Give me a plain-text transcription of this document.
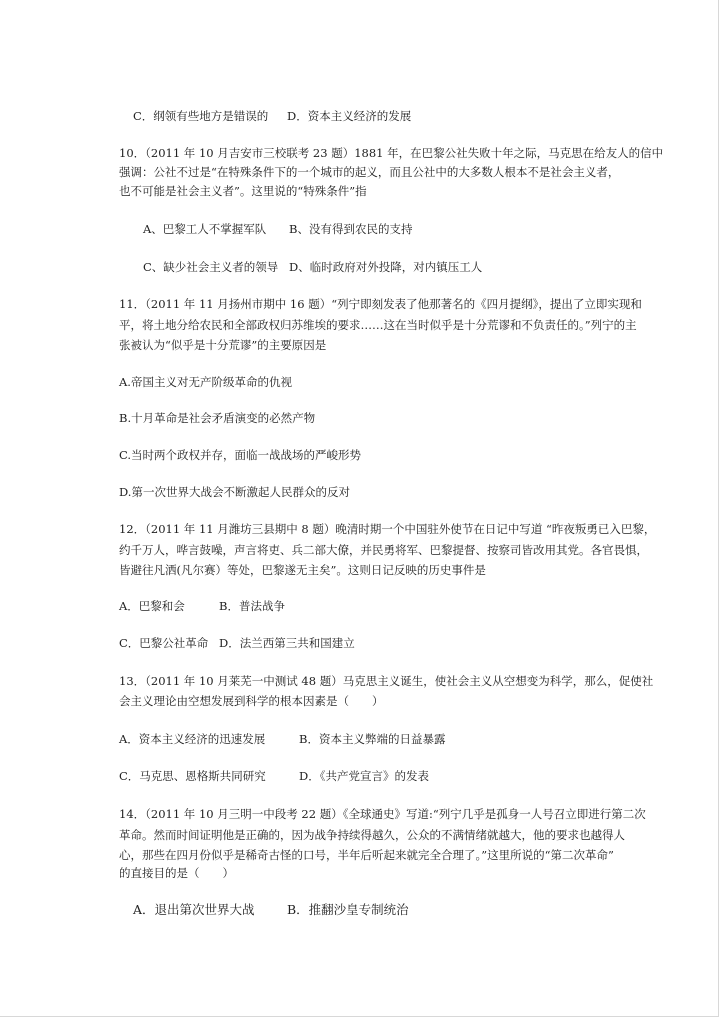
C．纲领有些地方是错误的 D．资本主义经济的发展
10．（2011 年 10 月吉安市三校联考 23 题）1881 年，在巴黎公社失败十年之际，马克思在给友人的信中
强调：公社不过是“在特殊条件下的一个城市的起义，而且公社中的大多数人根本不是社会主义者，
也不可能是社会主义者”。这里说的“特殊条件”指
A、巴黎工人不掌握军队 B、没有得到农民的支持
C、缺少社会主义者的领导 D、临时政府对外投降，对内镇压工人
11．（2011 年 11 月扬州市期中 16 题）“列宁即刻发表了他那著名的《四月提纲》，提出了立即实现和
平，将土地分给农民和全部政权归苏维埃的要求……这在当时似乎是十分荒谬和不负责任的。”列宁的主
张被认为“似乎是十分荒谬”的主要原因是
A.帝国主义对无产阶级革命的仇视
B.十月革命是社会矛盾演变的必然产物
C.当时两个政权并存，面临一战战场的严峻形势
D.第一次世界大战会不断激起人民群众的反对
12．（2011 年 11 月潍坊三县期中 8 题）晚清时期一个中国驻外使节在日记中写道 “昨夜叛勇已入巴黎，
约千万人，哗言鼓噪，声言将吏、兵二部大僚，并民勇将军、巴黎提督、按察司皆改用其党。各官畏惧，
皆避往凡洒(凡尔赛）等处，巴黎遂无主矣”。这则日记反映的历史事件是
A．巴黎和会	B．普法战争
C．巴黎公社革命 D．法兰西第三共和国建立
13．（2011 年 10 月莱芜一中测试 48 题）马克思主义诞生，使社会主义从空想变为科学，那么，促使社
会主义理论由空想发展到科学的根本因素是（　　）
A．资本主义经济的迅速发展	B．资本主义弊端的日益暴露
C．马克思、恩格斯共同研究	D．《共产党宣言》的发表
14．（2011 年 10 月三明一中段考 22 题）《全球通史》写道:“列宁几乎是孤身一人号召立即进行第二次
革命。然而时间证明他是正确的，因为战争持续得越久，公众的不满情绪就越大，他的要求也越得人
心，那些在四月份似乎是稀奇古怪的口号，半年后听起来就完全合理了。”这里所说的“第二次革命”
的直接目的是（　　）
A．退出第次世界大战	B．推翻沙皇专制统治
